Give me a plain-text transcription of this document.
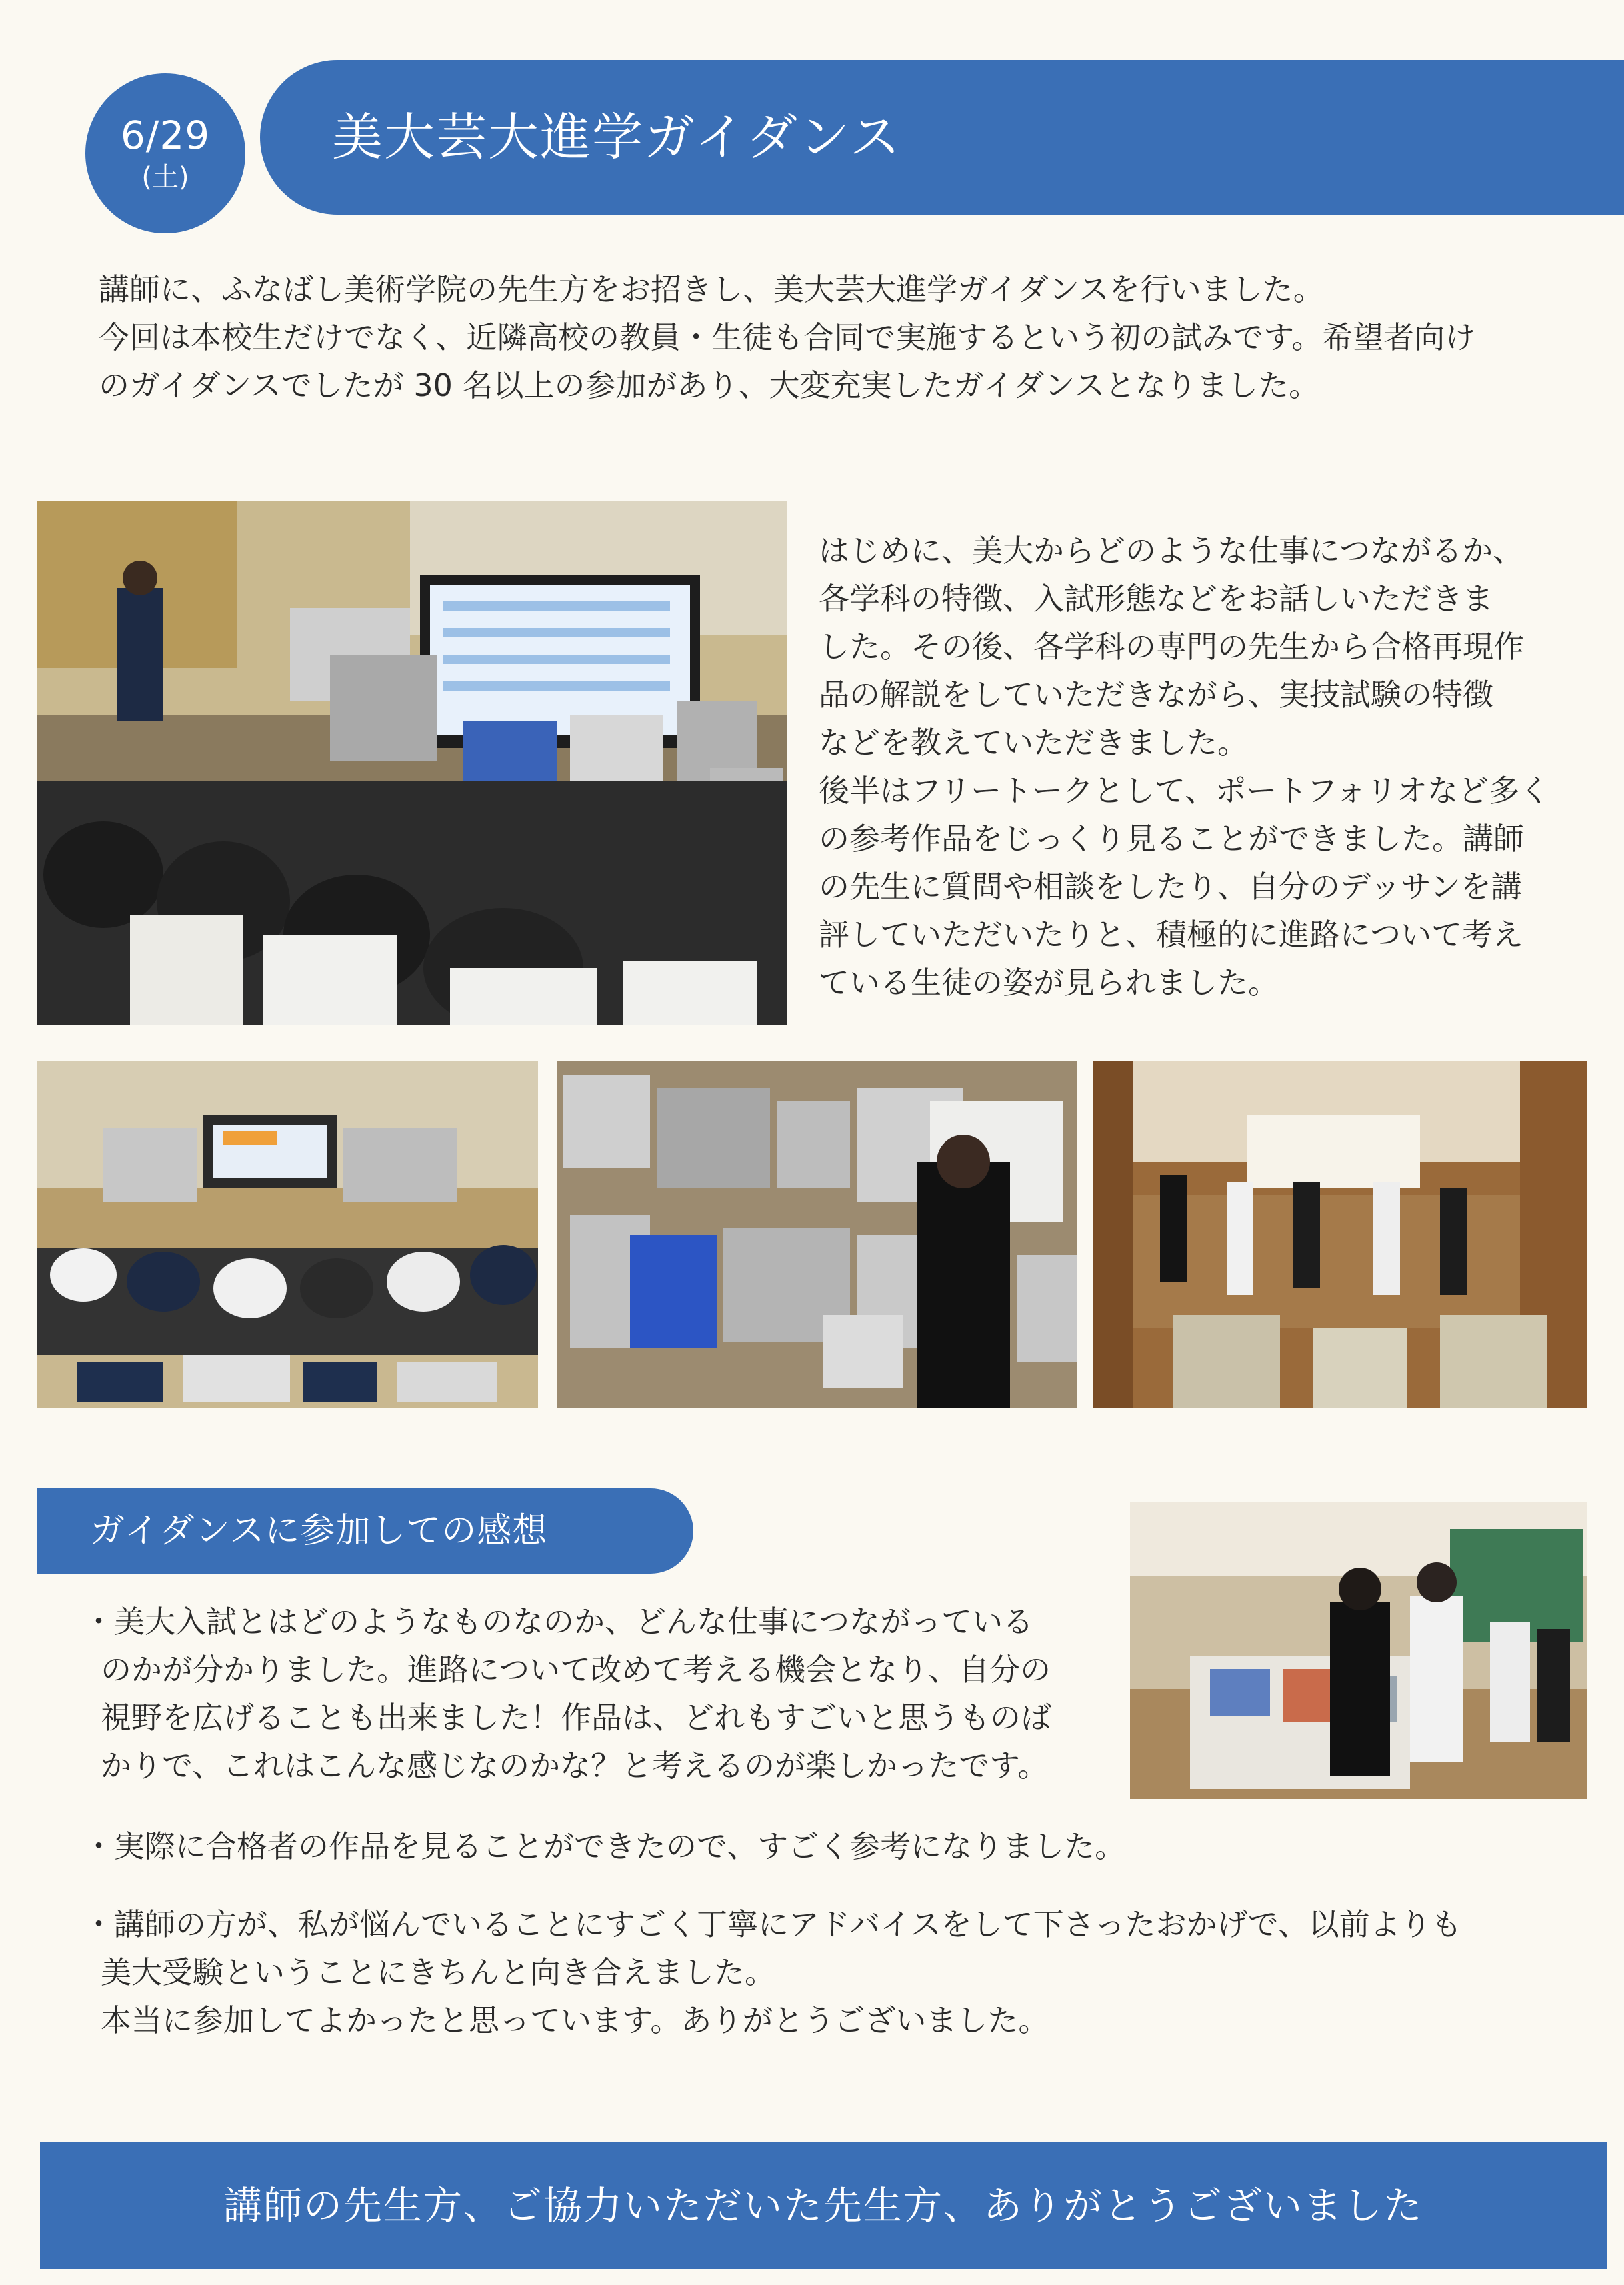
美大芸大進学ガイダンス
6/29
(土)

講師に、ふなばし美術学院の先生方をお招きし、美大芸大進学ガイダンスを行いました。

今回は本校生だけでなく、近隣高校の教員・生徒も合同で実施するという初の試みです。希望者向け

のガイダンスでしたが 30 名以上の参加があり、大変充実したガイダンスとなりました。

はじめに、美大からどのような仕事につながるか、

各学科の特徴、入試形態などをお話しいただきま

した。その後、各学科の専門の先生から合格再現作

品の解説をしていただきながら、実技試験の特徴

などを教えていただきました。

後半はフリートークとして、ポートフォリオなど多く

の参考作品をじっくり見ることができました。講師

の先生に質問や相談をしたり、自分のデッサンを講

評していただいたりと、積極的に進路について考え

ている生徒の姿が見られました。

ガイダンスに参加しての感想

・美大入試とはどのようなものなのか、どんな仕事につながっている

のかが分かりました。進路について改めて考える機会となり、自分の

視野を広げることも出来ました！作品は、どれもすごいと思うものば

かりで、これはこんな感じなのかな？と考えるのが楽しかったです。

・実際に合格者の作品を見ることができたので、すごく参考になりました。

・講師の方が、私が悩んでいることにすごく丁寧にアドバイスをして下さったおかげで、以前よりも

美大受験ということにきちんと向き合えました。

本当に参加してよかったと思っています。ありがとうございました。

講師の先生方、ご協力いただいた先生方、ありがとうございました
